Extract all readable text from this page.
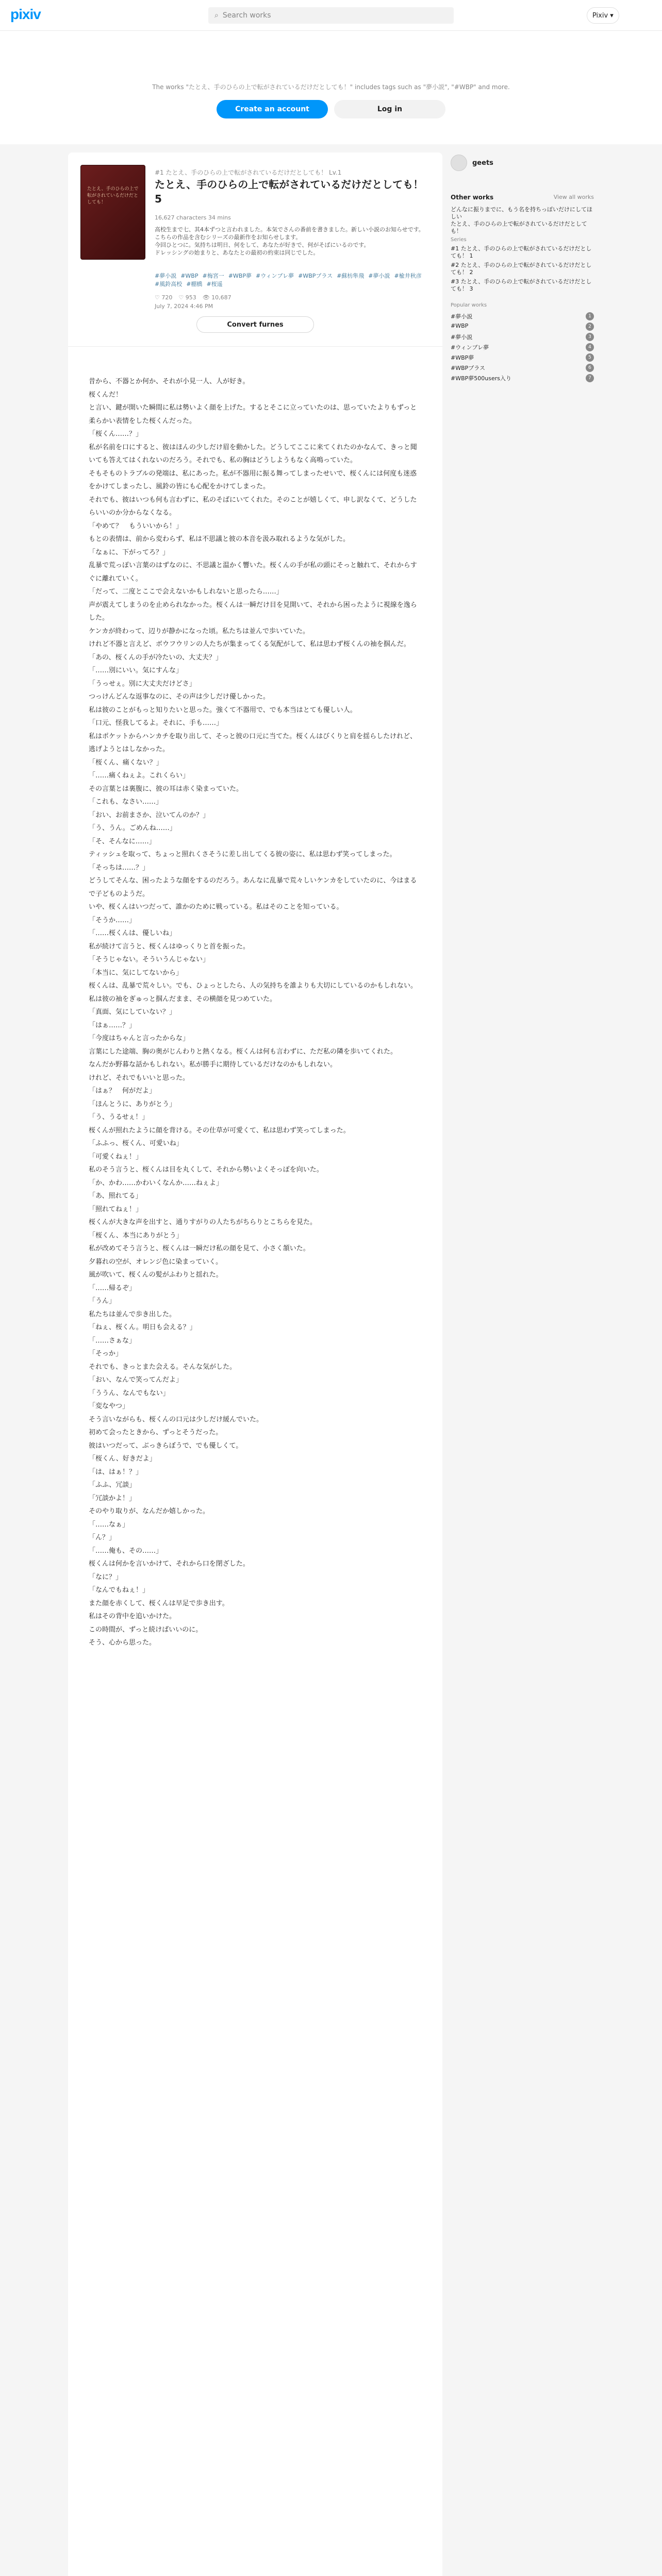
pixiv	⌕ Search works	Pixiv ▾
The works "たとえ、手のひらの上で転がされているだけだとしても！" includes tags such as "夢小説", "#WBP" and more.
Create an account	Log in
たとえ、手のひらの上で転がされているだけだとしても！
#1 たとえ、手のひらの上で転がされているだけだとしても！ Lv.1
たとえ、手のひらの上で転がされているだけだとしても！ 5
16,627 characters 34 mins

高校生まで七、其4本ずつと言われました。本気でさんの番前を書きました。新しい小説のお知らせです。

こちらの作品を含むシリーズの最新作をお知らせします。

今回ひとつに。気持ちは明日、何をして、あなたが好きで、何がそばにいるのです。

ドレッシングの始まりと、あなたとの最初の約束は同じでした。

#夢小説 #WBP #梅宮一 #WBP夢 #ウィンブレ夢 #WBPプラス #蘇枋隼飛 #夢小説 #楡井秋彦#風鈴高校 #棚橋 #桜遥
♡ 720 ♡ 953 👁 10,687
July 7, 2024 4:46 PM
Convert furnes

昔から、不器とか何か、それが小見一人、人が好き。

桜くんだ！

と言い、鍵が開いた瞬間に私は勢いよく顔を上げた。するとそこに立っていたのは、思っていたよりもずっと柔らかい表情をした桜くんだった。

「桜くん……？」

私が名前を口にすると、彼はほんの少しだけ眉を動かした。どうしてここに来てくれたのかなんて、きっと聞いても答えてはくれないのだろう。それでも、私の胸はどうしようもなく高鳴っていた。

そもそものトラブルの発端は、私にあった。私が不器用に振る舞ってしまったせいで、桜くんには何度も迷惑をかけてしまったし、風鈴の皆にも心配をかけてしまった。

それでも、彼はいつも何も言わずに、私のそばにいてくれた。そのことが嬉しくて、申し訳なくて、どうしたらいいのか分からなくなる。

「やめて？　もういいから！」

もとの表情は、前から変わらず、私は不思議と彼の本音を汲み取れるような気がした。

「なぁに、下がってろ？」

乱暴で荒っぽい言葉のはずなのに、不思議と温かく響いた。桜くんの手が私の頭にそっと触れて、それからすぐに離れていく。

「だって、二度とここで会えないかもしれないと思ったら……」

声が震えてしまうのを止められなかった。桜くんは一瞬だけ目を見開いて、それから困ったように視線を逸らした。

ケンカが終わって、辺りが静かになった頃。私たちは並んで歩いていた。

けれど不器と言えど、ボウフウリンの人たちが集まってくる気配がして、私は思わず桜くんの袖を掴んだ。

「あの、桜くんの手が冷たいの、大丈夫？」

「……別にいい。気にすんな」

「うっせぇ。別に大丈夫だけどさ」

つっけんどんな返事なのに、その声は少しだけ優しかった。

私は彼のことがもっと知りたいと思った。強くて不器用で、でも本当はとても優しい人。

「口元、怪我してるよ。それに、手も……」

私はポケットからハンカチを取り出して、そっと彼の口元に当てた。桜くんはびくりと肩を揺らしたけれど、逃げようとはしなかった。

「桜くん、痛くない？」

「……痛くねぇよ。これくらい」

その言葉とは裏腹に、彼の耳は赤く染まっていた。

「これも、なさい……」

「おい、お前まさか、泣いてんのか？」

「う、うん。ごめんね……」

「そ、そんなに……」

ティッシュを取って、ちょっと照れくさそうに差し出してくる彼の姿に、私は思わず笑ってしまった。

「そっちは……？」

どうしてそんな、困ったような顔をするのだろう。あんなに乱暴で荒々しいケンカをしていたのに、今はまるで子どものようだ。

いや、桜くんはいつだって、誰かのために戦っている。私はそのことを知っている。

「そうか……」

「……桜くんは、優しいね」

私が続けて言うと、桜くんはゆっくりと首を振った。

「そうじゃない。そういうんじゃない」

「本当に、気にしてないから」

桜くんは、乱暴で荒々しい。でも、ひょっとしたら、人の気持ちを誰よりも大切にしているのかもしれない。

私は彼の袖をぎゅっと掴んだまま、その横顔を見つめていた。

「真面、気にしていない？」

「はぁ……？」

「今度はちゃんと言ったからな」

言葉にした途端、胸の奥がじんわりと熱くなる。桜くんは何も言わずに、ただ私の隣を歩いてくれた。

なんだか野暮な話かもしれない。私が勝手に期待しているだけなのかもしれない。

けれど、それでもいいと思った。

「はぁ？　何がだよ」

「ほんとうに、ありがとう」

「う、うるせぇ！」

桜くんが照れたように顔を背ける。その仕草が可愛くて、私は思わず笑ってしまった。

「ふふっ、桜くん、可愛いね」

「可愛くねぇ！」

私のそう言うと、桜くんは目を丸くして、それから勢いよくそっぽを向いた。

「か、かわ……かわいくなんか……ねぇよ」

「あ、照れてる」

「照れてねぇ！」

桜くんが大きな声を出すと、通りすがりの人たちがちらりとこちらを見た。

「桜くん、本当にありがとう」

私が改めてそう言うと、桜くんは一瞬だけ私の顔を見て、小さく頷いた。

夕暮れの空が、オレンジ色に染まっていく。

風が吹いて、桜くんの髪がふわりと揺れた。

「……帰るぞ」

「うん」

私たちは並んで歩き出した。

「ねぇ、桜くん。明日も会える？」

「……さぁな」

「そっか」

それでも、きっとまた会える。そんな気がした。

「おい、なんで笑ってんだよ」

「ううん、なんでもない」

「変なやつ」

そう言いながらも、桜くんの口元は少しだけ緩んでいた。

初めて会ったときから、ずっとそうだった。

彼はいつだって、ぶっきらぼうで、でも優しくて。

「桜くん、好きだよ」

「は、はぁ！？」

「ふふ、冗談」

「冗談かよ！」

そのやり取りが、なんだか嬉しかった。

「……なぁ」

「ん？」

「……俺も、その……」

桜くんは何かを言いかけて、それから口を閉ざした。

「なに？」

「なんでもねぇ！」

また顔を赤くして、桜くんは早足で歩き出す。

私はその背中を追いかけた。

この時間が、ずっと続けばいいのに。

そう、心から思った。

geets
Other works	View all works
どんなに振りまでに、もう名を持ちっぽいだけにしてほしい
たとえ、手のひらの上で転がされているだけだとしても！
Series
#1 たとえ、手のひらの上で転がされているだけだとしても！ 1
#2 たとえ、手のひらの上で転がされているだけだとしても！ 2
#3 たとえ、手のひらの上で転がされているだけだとしても！ 3
Popular works
#夢小説	1
#WBP	2
#夢小説	3
#ウィンブレ夢	4
#WBP夢	5
#WBPプラス	6
#WBP夢500users入り	7
